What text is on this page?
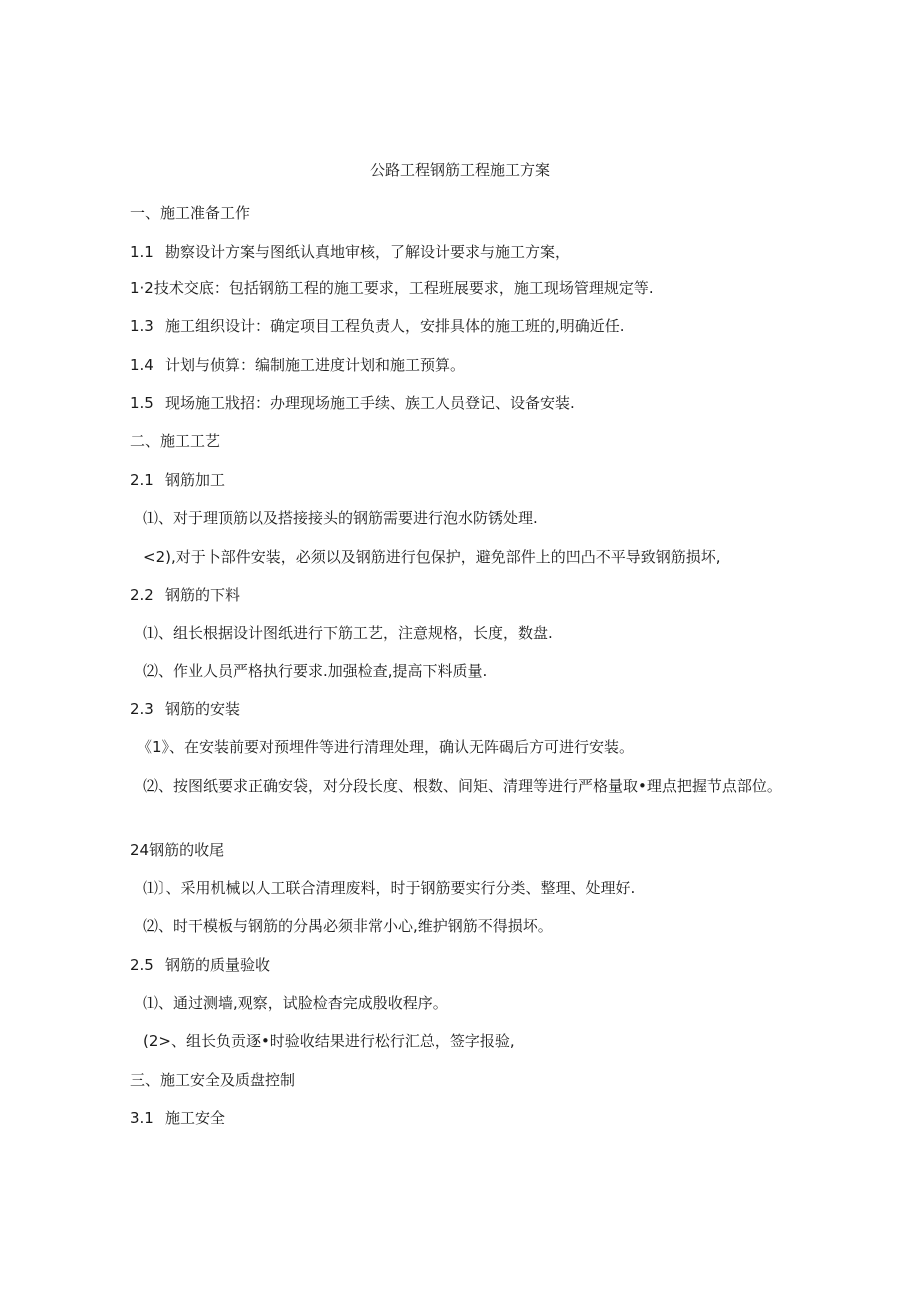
公路工程钢筋工程施工方案
一、施工准备工作
1.1 勘察设计方案与图纸认真地审核，了解设计要求与施工方案，
1·2技术交底：包括钢筋工程的施工要求，工程班展要求，施工现场管理规定等.
1.3 施工组织设计：确定项目工程负责人，安排具体的施工班的,明确近任.
1.4 计划与侦算：编制施工进度计划和施工预算。
1.5 现场施工戕招：办理现场施工手续、族工人员登记、设备安装.
二、施工工艺
2.1 钢筋加工
⑴、对于理顶筋以及搭接接头的钢筋需要进行泡水防锈处理.
<2),对于卜部件安装，必须以及钢筋进行包保护，避免部件上的凹凸不平导致钢筋损坏,
2.2 钢筋的下料
⑴、组长根据设计图纸进行下筋工艺，注意规格，长度，数盘.
⑵、作业人员严格执行要求.加强检查,提高下料质量.
2.3 钢筋的安装
《1》、在安装前要对预埋件等进行清理处理，确认无阵碣后方可进行安装。
⑵、按图纸要求正确安袋，对分段长度、根数、间矩、清理等进行严格量取•理点把握节点部位。
24钢筋的收尾
⑴〕、采用机械以人工联合清理废料，时于钢筋要实行分类、整理、处理好.
⑵、时干模板与钢筋的分禺必须非常小心,维护钢筋不得损坏。
2.5 钢筋的质量验收
⑴、通过测墙,观察，试脸检杳完成殷收程序。
(2>、组长负贡逐•时验收结果进行松行汇总，签字报验,
三、施工安全及质盘控制
3.1 施工安全
